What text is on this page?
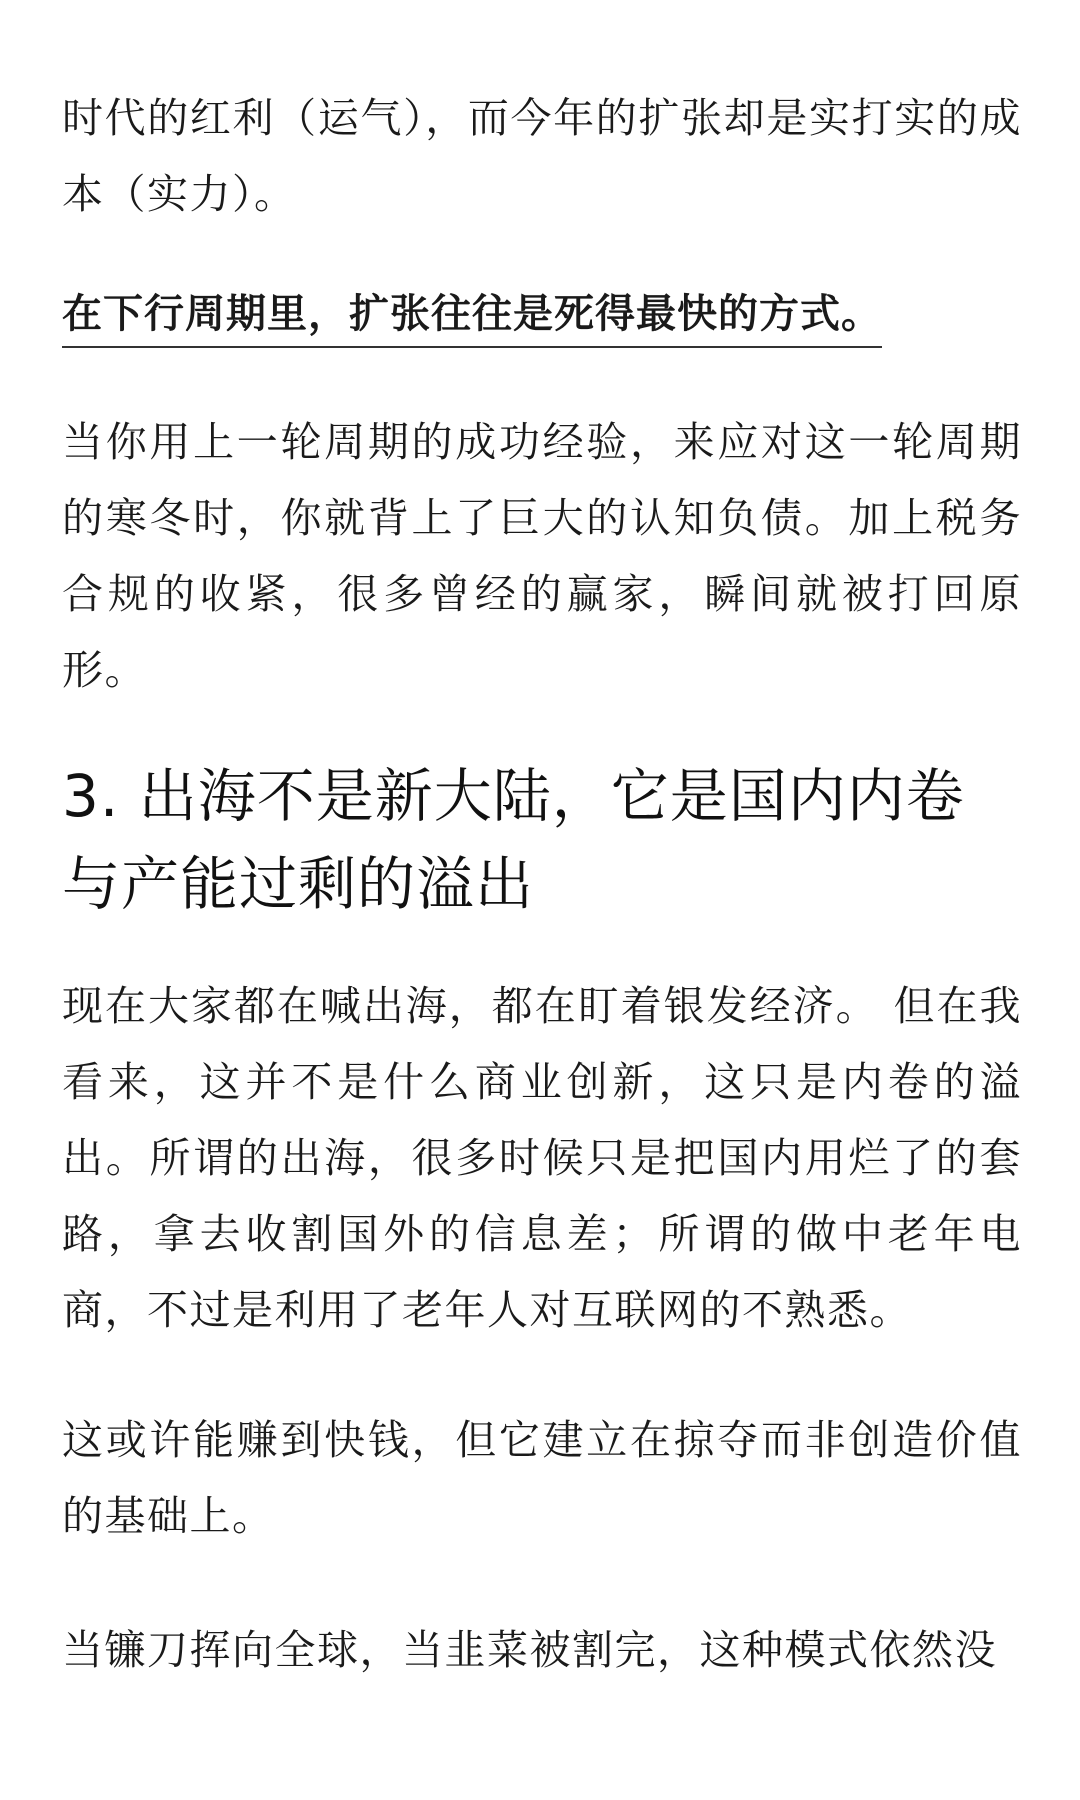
时代的红利（运气），而今年的扩张却是实打实的成本（实力）。

在下行周期里，扩张往往是死得最快的方式。

当你用上一轮周期的成功经验，来应对这一轮周期的寒冬时，你就背上了巨大的认知负债。加上税务合规的收紧，很多曾经的赢家，瞬间就被打回原形。

3. 出海不是新大陆，它是国内内卷与产能过剩的溢出

现在大家都在喊出海，都在盯着银发经济。 但在我看来，这并不是什么商业创新，这只是内卷的溢出。所谓的出海，很多时候只是把国内用烂了的套路，拿去收割国外的信息差；所谓的做中老年电商，不过是利用了老年人对互联网的不熟悉。

这或许能赚到快钱，但它建立在掠夺而非创造价值的基础上。

当镰刀挥向全球，当韭菜被割完，这种模式依然没
